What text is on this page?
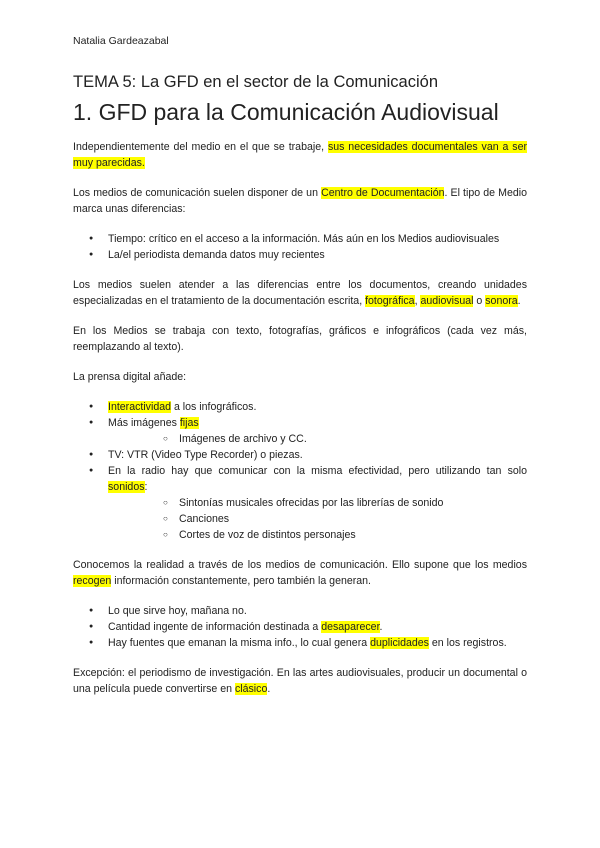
Natalia Gardeazabal
TEMA 5: La GFD en el sector de la Comunicación
1. GFD para la Comunicación Audiovisual

Independientemente del medio en el que se trabaje, sus necesidades documentales van a ser muy parecidas.

Los medios de comunicación suelen disponer de un Centro de Documentación. El tipo de Medio marca unas diferencias:

● Tiempo: crítico en el acceso a la información. Más aún en los Medios audiovisuales
● La/el periodista demanda datos muy recientes

Los medios suelen atender a las diferencias entre los documentos, creando unidades especializadas en el tratamiento de la documentación escrita, fotográfica, audiovisual o sonora.

En los Medios se trabaja con texto, fotografías, gráficos e infográficos (cada vez más, reemplazando al texto).

La prensa digital añade:

● Interactividad a los infográficos.
● Más imágenes fijas
○ Imágenes de archivo y CC.
● TV: VTR (Video Type Recorder) o piezas.
● En la radio hay que comunicar con la misma efectividad, pero utilizando tan solo sonidos:
○ Sintonías musicales ofrecidas por las librerías de sonido
○ Canciones
○ Cortes de voz de distintos personajes

Conocemos la realidad a través de los medios de comunicación. Ello supone que los medios recogen información constantemente, pero también la generan.

● Lo que sirve hoy, mañana no.
● Cantidad ingente de información destinada a desaparecer.
● Hay fuentes que emanan la misma info., lo cual genera duplicidades en los registros.

Excepción: el periodismo de investigación. En las artes audiovisuales, producir un documental o una película puede convertirse en clásico.
